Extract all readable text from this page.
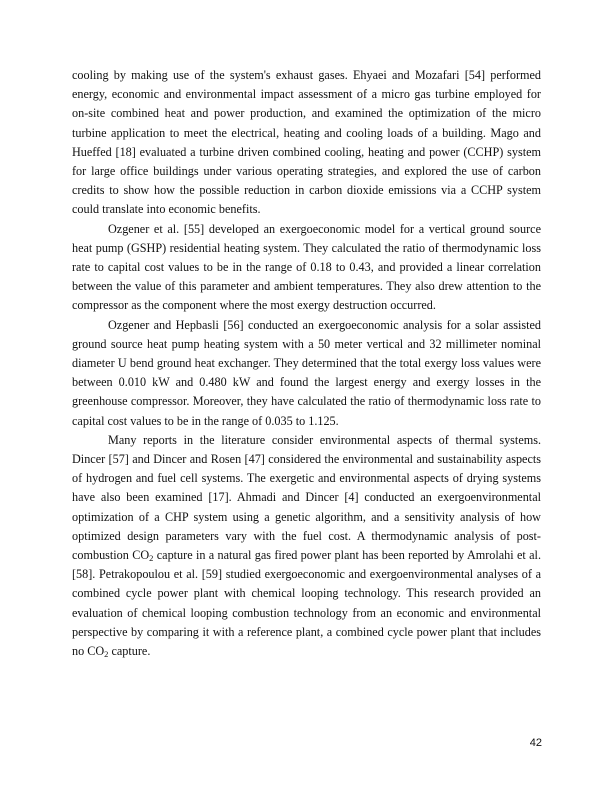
cooling by making use of the system's exhaust gases. Ehyaei and Mozafari [54] performed energy, economic and environmental impact assessment of a micro gas turbine employed for on-site combined heat and power production, and examined the optimization of the micro turbine application to meet the electrical, heating and cooling loads of a building. Mago and Hueffed [18] evaluated a turbine driven combined cooling, heating and power (CCHP) system for large office buildings under various operating strategies, and explored the use of carbon credits to show how the possible reduction in carbon dioxide emissions via a CCHP system could translate into economic benefits.

Ozgener et al. [55] developed an exergoeconomic model for a vertical ground source heat pump (GSHP) residential heating system. They calculated the ratio of thermodynamic loss rate to capital cost values to be in the range of 0.18 to 0.43, and provided a linear correlation between the value of this parameter and ambient temperatures. They also drew attention to the compressor as the component where the most exergy destruction occurred.

Ozgener and Hepbasli [56] conducted an exergoeconomic analysis for a solar assisted ground source heat pump heating system with a 50 meter vertical and 32 millimeter nominal diameter U bend ground heat exchanger. They determined that the total exergy loss values were between 0.010 kW and 0.480 kW and found the largest energy and exergy losses in the greenhouse compressor. Moreover, they have calculated the ratio of thermodynamic loss rate to capital cost values to be in the range of 0.035 to 1.125.

Many reports in the literature consider environmental aspects of thermal systems. Dincer [57] and Dincer and Rosen [47] considered the environmental and sustainability aspects of hydrogen and fuel cell systems. The exergetic and environmental aspects of drying systems have also been examined [17]. Ahmadi and Dincer [4] conducted an exergoenvironmental optimization of a CHP system using a genetic algorithm, and a sensitivity analysis of how optimized design parameters vary with the fuel cost. A thermodynamic analysis of post-combustion $CO_2$ capture in a natural gas fired power plant has been reported by Amrolahi et al. [58]. Petrakopoulou et al. [59] studied exergoeconomic and exergoenvironmental analyses of a combined cycle power plant with chemical looping technology. This research provided an evaluation of chemical looping combustion technology from an economic and environmental perspective by comparing it with a reference plant, a combined cycle power plant that includes no $CO_2$ capture.

42
